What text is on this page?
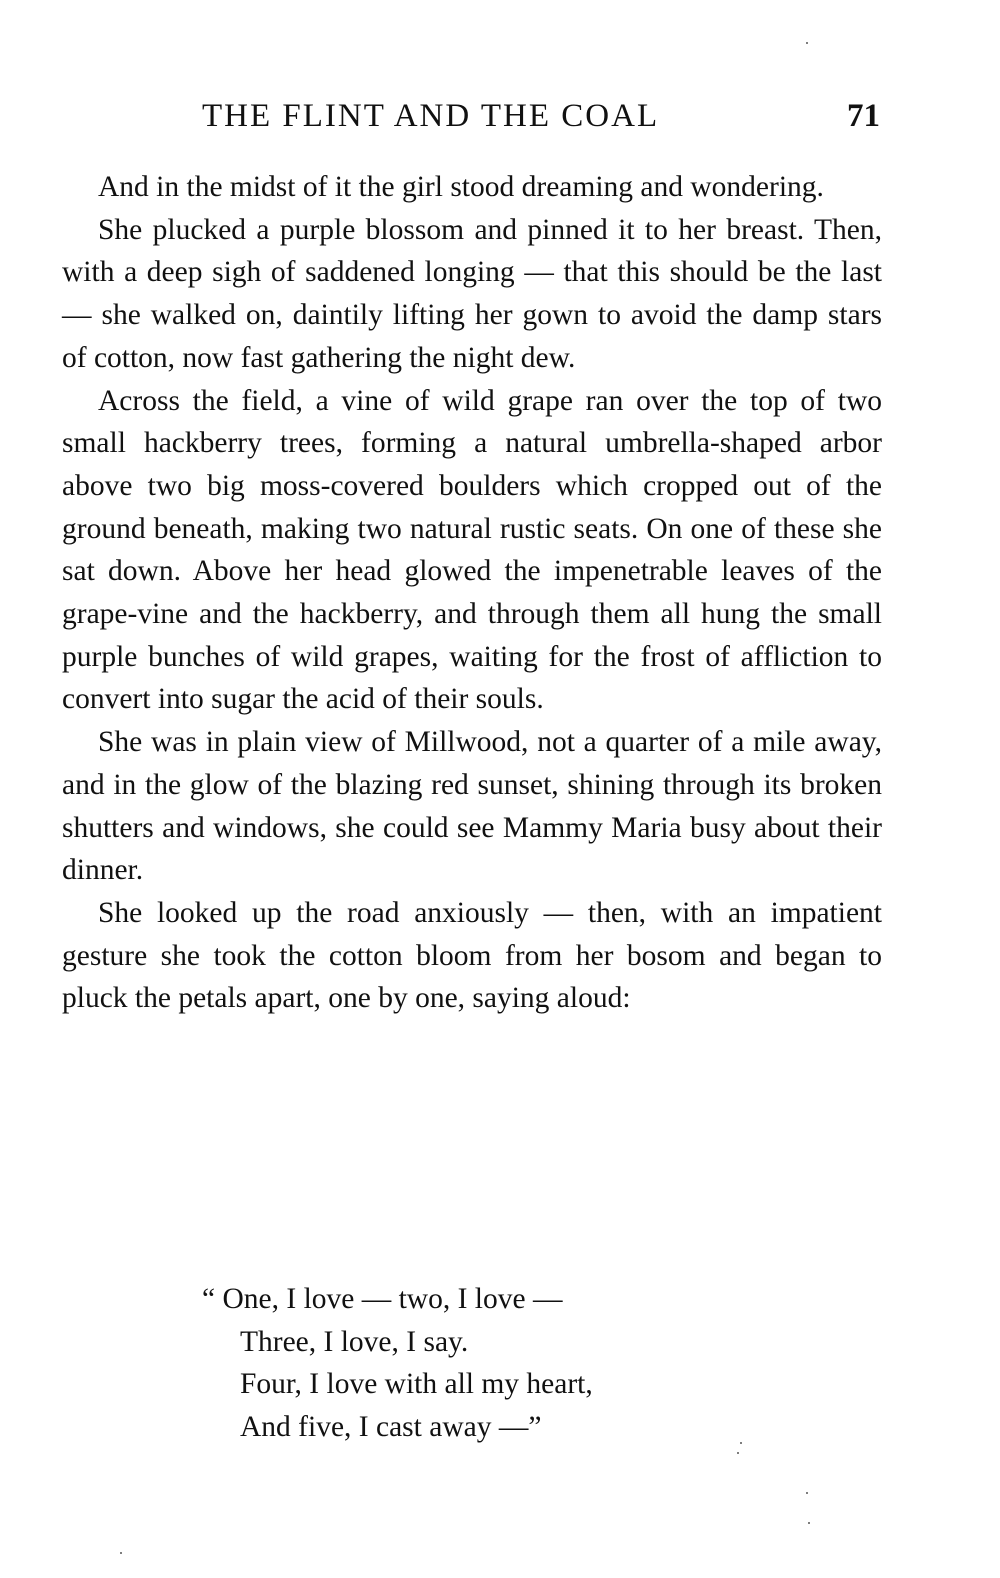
THE FLINT AND THE COAL	71

And in the midst of it the girl stood dreaming and wondering.

She plucked a purple blossom and pinned it to her breast. Then, with a deep sigh of saddened longing — that this should be the last — she walked on, daintily lifting her gown to avoid the damp stars of cotton, now fast gathering the night dew.

Across the field, a vine of wild grape ran over the top of two small hackberry trees, forming a natural umbrella-shaped arbor above two big moss-covered boulders which cropped out of the ground beneath, making two natural rustic seats. On one of these she sat down. Above her head glowed the impenetrable leaves of the grape-vine and the hackberry, and through them all hung the small purple bunches of wild grapes, waiting for the frost of affliction to convert into sugar the acid of their souls.

She was in plain view of Millwood, not a quarter of a mile away, and in the glow of the blazing red sunset, shining through its broken shutters and windows, she could see Mammy Maria busy about their dinner.

She looked up the road anxiously — then, with an impatient gesture she took the cotton bloom from her bosom and began to pluck the petals apart, one by one, saying aloud:

“ One, I love — two, I love —
Three, I love, I say.
Four, I love with all my heart,
And five, I cast away —”
